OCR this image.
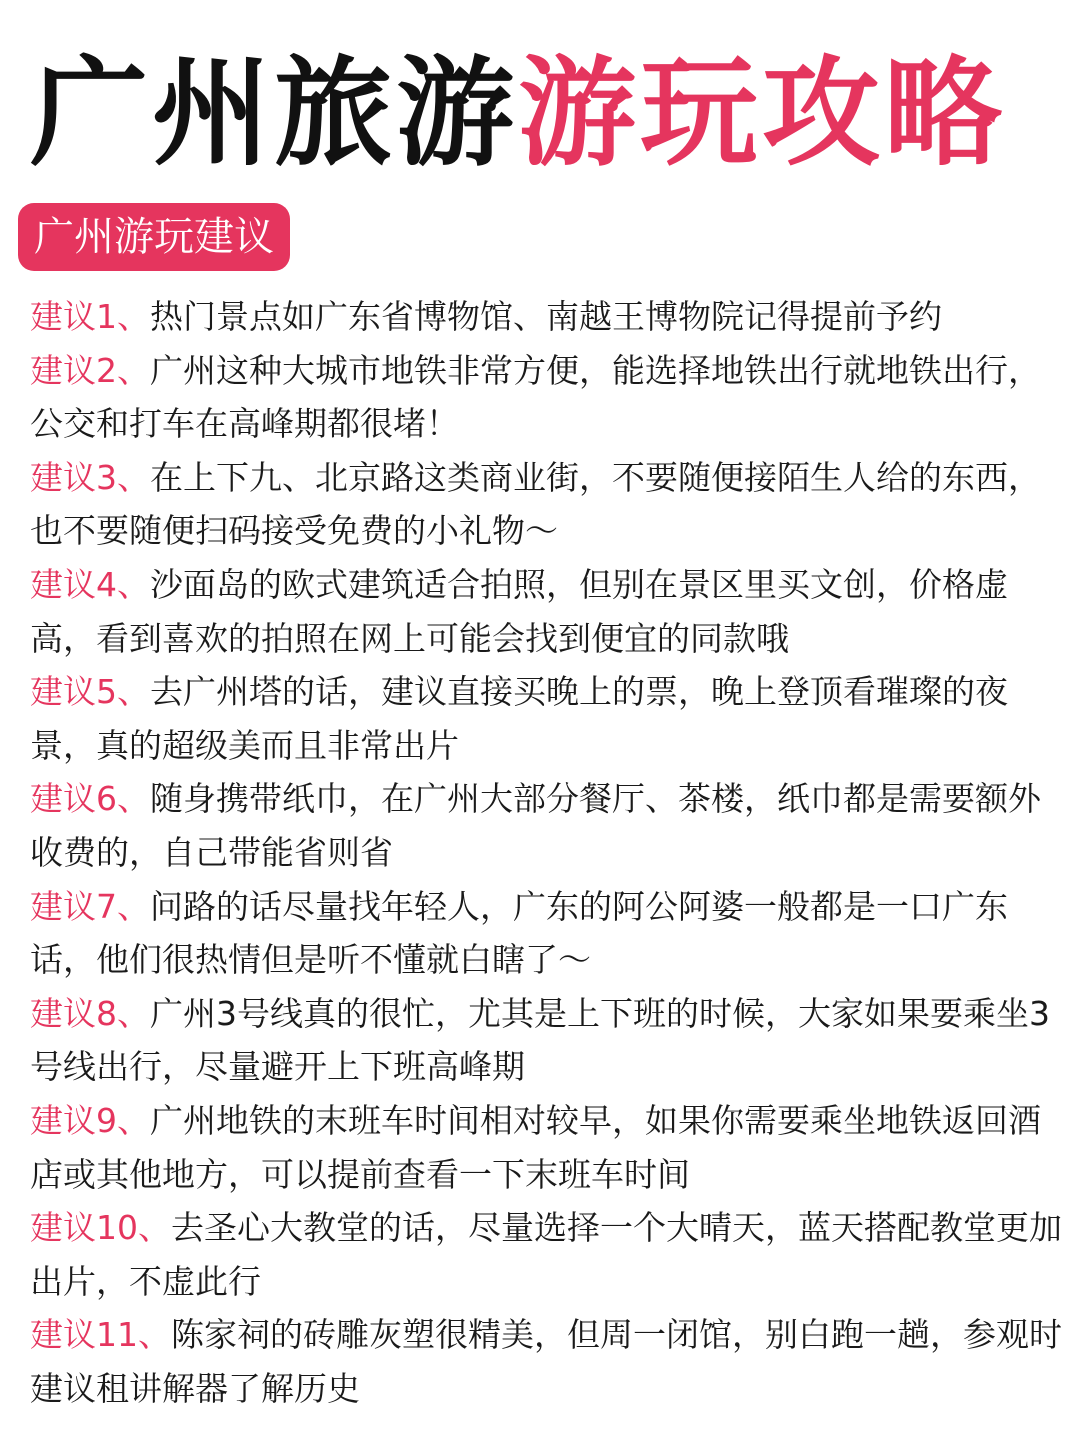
广州旅游游玩攻略
广州游玩建议

建议1、热门景点如广东省博物馆、南越王博物院记得提前予约

建议2、广州这种大城市地铁非常方便，能选择地铁出行就地铁出行，公交和打车在高峰期都很堵！

建议3、在上下九、北京路这类商业街，不要随便接陌生人给的东西，也不要随便扫码接受免费的小礼物～

建议4、沙面岛的欧式建筑适合拍照，但别在景区里买文创，价格虚高，看到喜欢的拍照在网上可能会找到便宜的同款哦

建议5、去广州塔的话，建议直接买晚上的票，晚上登顶看璀璨的夜景，真的超级美而且非常出片

建议6、随身携带纸巾，在广州大部分餐厅、茶楼，纸巾都是需要额外收费的，自己带能省则省

建议7、问路的话尽量找年轻人，广东的阿公阿婆一般都是一口广东话，他们很热情但是听不懂就白瞎了～

建议8、广州3号线真的很忙，尤其是上下班的时候，大家如果要乘坐3号线出行，尽量避开上下班高峰期

建议9、广州地铁的末班车时间相对较早，如果你需要乘坐地铁返回酒店或其他地方，可以提前查看一下末班车时间

建议10、去圣心大教堂的话，尽量选择一个大晴天，蓝天搭配教堂更加出片，不虚此行

建议11、陈家祠的砖雕灰塑很精美，但周一闭馆，别白跑一趟，参观时建议租讲解器了解历史
